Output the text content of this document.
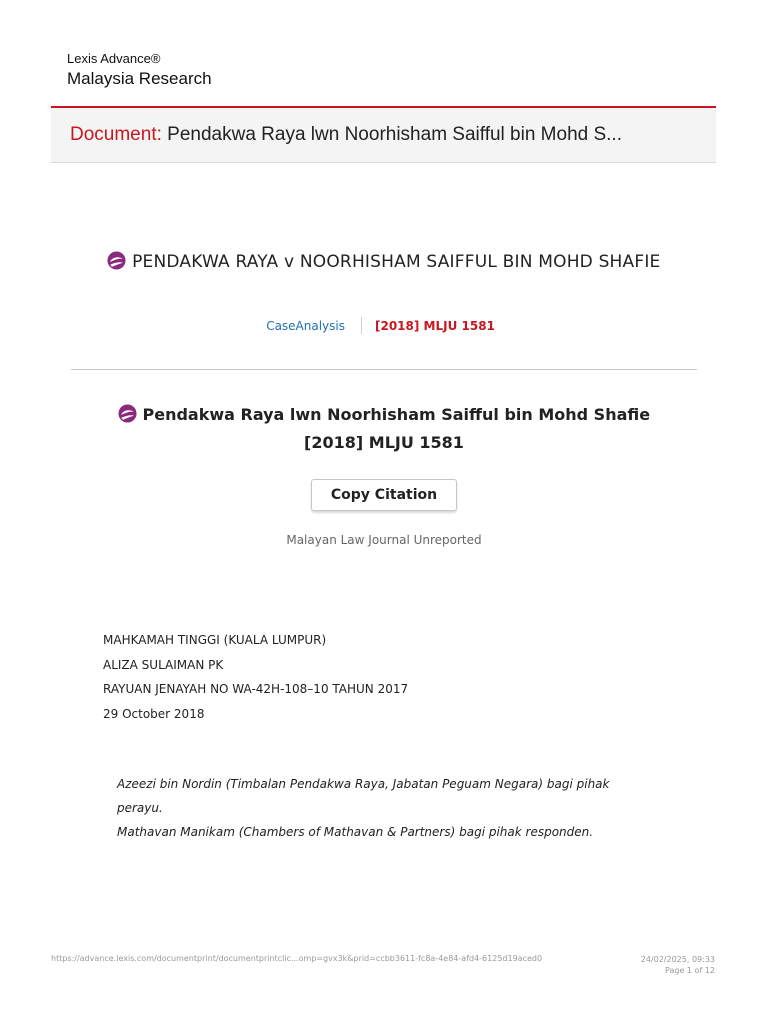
Lexis Advance®
Malaysia Research
Document: Pendakwa Raya lwn Noorhisham Saifful bin Mohd S...
PENDAKWA RAYA v NOORHISHAM SAIFFUL BIN MOHD SHAFIE
CaseAnalysis	[2018] MLJU 1581
Pendakwa Raya lwn Noorhisham Saifful bin Mohd Shafie [2018] MLJU 1581
Copy Citation
Malayan Law Journal Unreported
MAHKAMAH TINGGI (KUALA LUMPUR)
ALIZA SULAIMAN PK
RAYUAN JENAYAH NO WA-42H-108–10 TAHUN 2017
29 October 2018
Azeezi bin Nordin (Timbalan Pendakwa Raya, Jabatan Peguam Negara) bagi pihak perayu.
Mathavan Manikam (Chambers of Mathavan & Partners) bagi pihak responden.
https://advance.lexis.com/documentprint/documentprintclic...omp=gvx3k&prid=ccbb3611-fc8a-4e84-afd4-6125d19aced0	24/02/2025, 09:33
Page 1 of 12
